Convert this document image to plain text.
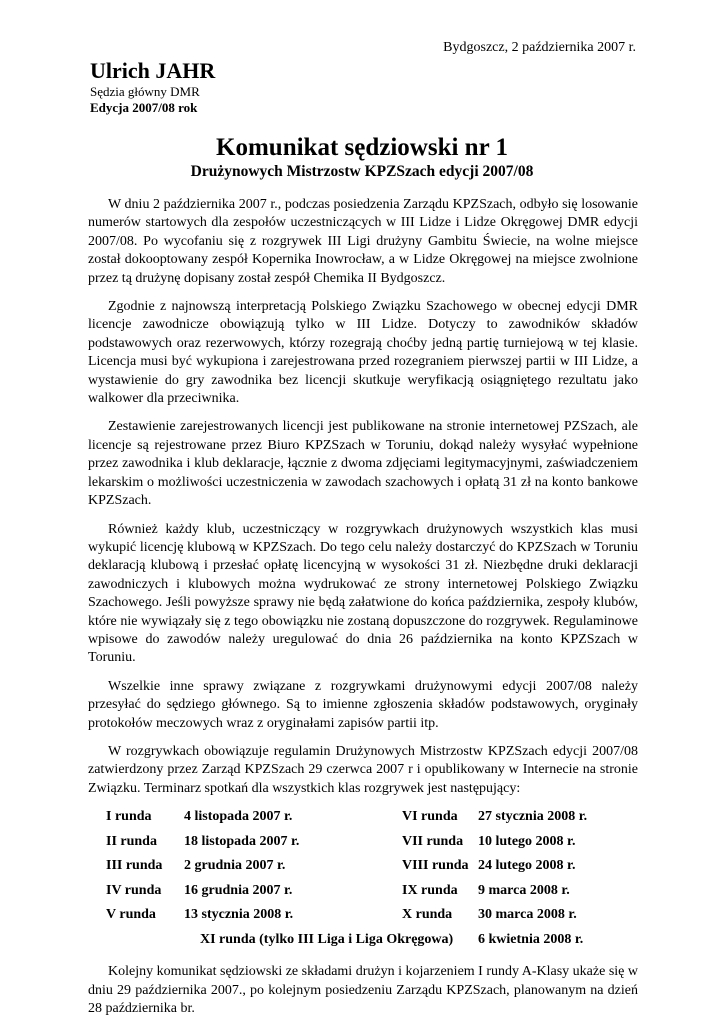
Bydgoszcz, 2 października 2007 r.
Ulrich JAHR
Sędzia główny DMR
Edycja 2007/08 rok
Komunikat sędziowski nr 1
Drużynowych Mistrzostw KPZSzach edycji 2007/08

W dniu 2 października 2007 r., podczas posiedzenia Zarządu KPZSzach, odbyło się losowanie numerów startowych dla zespołów uczestniczących w III Lidze i Lidze Okręgowej DMR edycji 2007/08. Po wycofaniu się z rozgrywek III Ligi drużyny Gambitu Świecie, na wolne miejsce został dokooptowany zespół Kopernika Inowrocław, a w Lidze Okręgowej na miejsce zwolnione przez tą drużynę dopisany został zespół Chemika II Bydgoszcz.

Zgodnie z najnowszą interpretacją Polskiego Związku Szachowego w obecnej edycji DMR licencje zawodnicze obowiązują tylko w III Lidze. Dotyczy to zawodników składów podstawowych oraz rezerwowych, którzy rozegrają choćby jedną partię turniejową w tej klasie. Licencja musi być wykupiona i zarejestrowana przed rozegraniem pierwszej partii w III Lidze, a wystawienie do gry zawodnika bez licencji skutkuje weryfikacją osiągniętego rezultatu jako walkower dla przeciwnika.

Zestawienie zarejestrowanych licencji jest publikowane na stronie internetowej PZSzach, ale licencje są rejestrowane przez Biuro KPZSzach w Toruniu, dokąd należy wysyłać wypełnione przez zawodnika i klub deklaracje, łącznie z dwoma zdjęciami legitymacyjnymi, zaświadczeniem lekarskim o możliwości uczestniczenia w zawodach szachowych i opłatą 31 zł na konto bankowe KPZSzach.

Również każdy klub, uczestniczący w rozgrywkach drużynowych wszystkich klas musi wykupić licencję klubową w KPZSzach. Do tego celu należy dostarczyć do KPZSzach w Toruniu deklaracją klubową i przesłać opłatę licencyjną w wysokości 31 zł. Niezbędne druki deklaracji zawodniczych i klubowych można wydrukować ze strony internetowej Polskiego Związku Szachowego. Jeśli powyższe sprawy nie będą załatwione do końca października, zespoły klubów, które nie wywiązały się z tego obowiązku nie zostaną dopuszczone do rozgrywek. Regulaminowe wpisowe do zawodów należy uregulować do dnia 26 października na konto KPZSzach w Toruniu.

Wszelkie inne sprawy związane z rozgrywkami drużynowymi edycji 2007/08 należy przesyłać do sędziego głównego. Są to imienne zgłoszenia składów podstawowych, oryginały protokołów meczowych wraz z oryginałami zapisów partii itp.

W rozgrywkach obowiązuje regulamin Drużynowych Mistrzostw KPZSzach edycji 2007/08 zatwierdzony przez Zarząd KPZSzach 29 czerwca 2007 r i opublikowany w Internecie na stronie Związku. Terminarz spotkań dla wszystkich klas rozgrywek jest następujący:

I runda 4 listopada 2007 r.	VI runda 27 stycznia 2008 r.
II runda 18 listopada 2007 r.	VII runda 10 lutego 2008 r.
III runda 2 grudnia 2007 r.	VIII runda 24 lutego 2008 r.
IV runda 16 grudnia 2007 r.	IX runda 9 marca 2008 r.
V runda 13 stycznia 2008 r.	X runda 30 marca 2008 r.
XI runda (tylko III Liga i Liga Okręgowa) 6 kwietnia 2008 r.

Kolejny komunikat sędziowski ze składami drużyn i kojarzeniem I rundy A-Klasy ukaże się w dniu 29 października 2007., po kolejnym posiedzeniu Zarządu KPZSzach, planowanym na dzień 28 października br.
